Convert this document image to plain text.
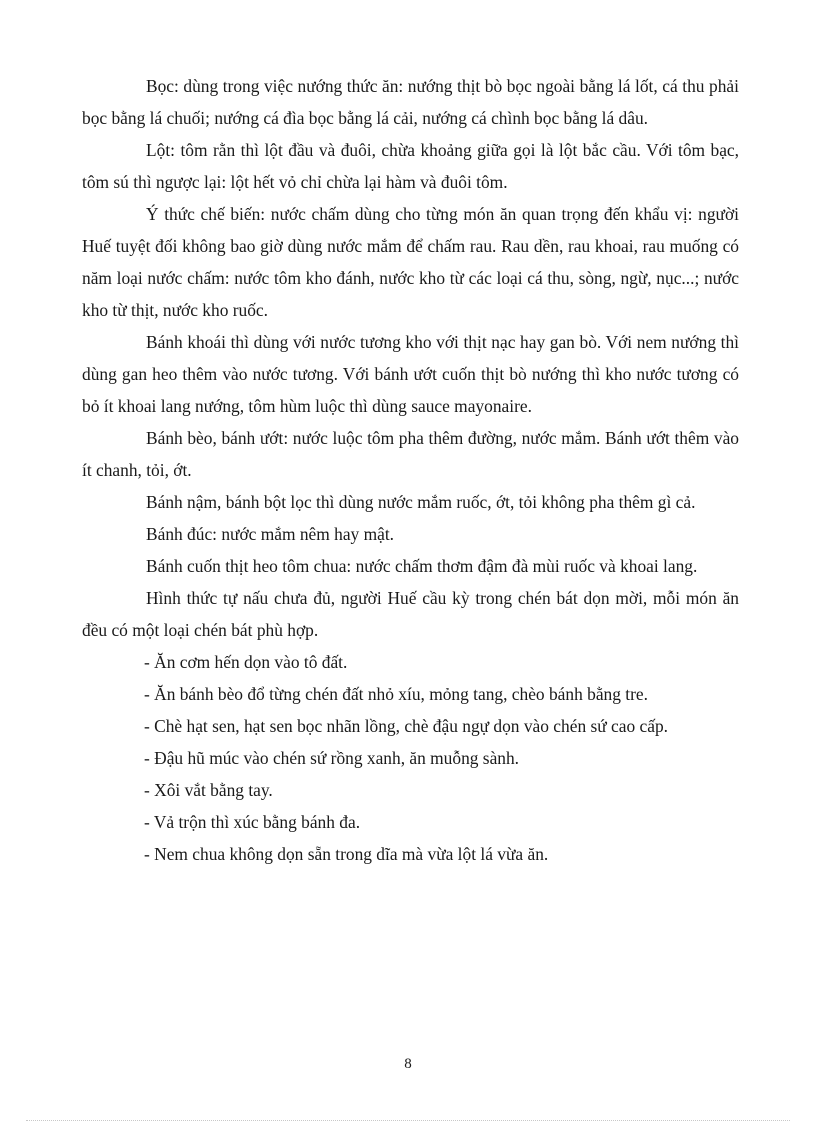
Bọc: dùng trong việc nướng thức ăn: nướng thịt bò bọc ngoài bằng lá lốt, cá thu phải bọc bằng lá chuối; nướng cá đìa bọc bằng lá cải, nướng cá chình bọc bằng lá dâu.

Lột: tôm rằn thì lột đầu và đuôi, chừa khoảng giữa gọi là lột bắc cầu. Với tôm bạc, tôm sú thì ngược lại: lột hết vỏ chỉ chừa lại hàm và đuôi tôm.

Ý thức chế biến: nước chấm dùng cho từng món ăn quan trọng đến khẩu vị: người Huế tuyệt đối không bao giờ dùng nước mắm để chấm rau. Rau dền, rau khoai, rau muống có năm loại nước chấm: nước tôm kho đánh, nước kho từ các loại cá thu, sòng, ngừ, nục...; nước kho từ thịt, nước kho ruốc.

Bánh khoái thì dùng với nước tương kho với thịt nạc hay gan bò. Với nem nướng thì dùng gan heo thêm vào nước tương. Với bánh ướt cuốn thịt bò nướng thì kho nước tương có bỏ ít khoai lang nướng, tôm hùm luộc thì dùng sauce mayonaire.

Bánh bèo, bánh ướt: nước luộc tôm pha thêm đường, nước mắm. Bánh ướt thêm vào ít chanh, tỏi, ớt.

Bánh nậm, bánh bột lọc thì dùng nước mắm ruốc, ớt, tỏi không pha thêm gì cả.

Bánh đúc: nước mắm nêm hay mật.

Bánh cuốn thịt heo tôm chua: nước chấm thơm đậm đà mùi ruốc và khoai lang.

Hình thức tự nấu chưa đủ, người Huế cầu kỳ trong chén bát dọn mời, mỗi món ăn đều có một loại chén bát phù hợp.

- Ăn cơm hến dọn vào tô đất.

- Ăn bánh bèo đổ từng chén đất nhỏ xíu, mỏng tang, chèo bánh bằng tre.

- Chè hạt sen, hạt sen bọc nhãn lồng, chè đậu ngự dọn vào chén sứ cao cấp.

- Đậu hũ múc vào chén sứ rồng xanh, ăn muỗng sành.

- Xôi vắt bằng tay.

- Vả trộn thì xúc bằng bánh đa.

- Nem chua không dọn sẵn trong dĩa mà vừa lột lá vừa ăn.

8
